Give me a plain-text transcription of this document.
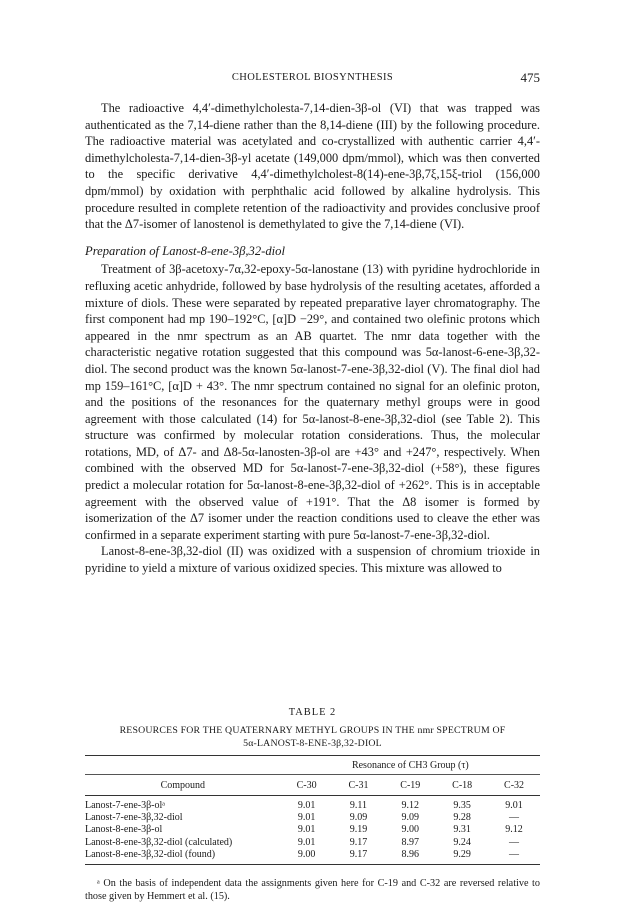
CHOLESTEROL BIOSYNTHESIS	475

The radioactive 4,4′-dimethylcholesta-7,14-dien-3β-ol (VI) that was trapped was authenticated as the 7,14-diene rather than the 8,14-diene (III) by the following procedure. The radioactive material was acetylated and co-crystallized with authentic carrier 4,4′-dimethylcholesta-7,14-dien-3β-yl acetate (149,000 dpm/mmol), which was then converted to the specific derivative 4,4′-dimethylcholest-8(14)-ene-3β,7ξ,15ξ-triol (156,000 dpm/mmol) by oxidation with perphthalic acid followed by alkaline hydrolysis. This procedure resulted in complete retention of the radioactivity and provides conclusive proof that the Δ7-isomer of lanostenol is demethylated to give the 7,14-diene (VI).

Preparation of Lanost-8-ene-3β,32-diol

Treatment of 3β-acetoxy-7α,32-epoxy-5α-lanostane (13) with pyridine hydrochloride in refluxing acetic anhydride, followed by base hydrolysis of the resulting acetates, afforded a mixture of diols. These were separated by repeated preparative layer chromatography. The first component had mp 190–192°C, [α]D −29°, and contained two olefinic protons which appeared in the nmr spectrum as an AB quartet. The nmr data together with the characteristic negative rotation suggested that this compound was 5α-lanost-6-ene-3β,32-diol. The second product was the known 5α-lanost-7-ene-3β,32-diol (V). The final diol had mp 159–161°C, [α]D + 43°. The nmr spectrum contained no signal for an olefinic proton, and the positions of the resonances for the quaternary methyl groups were in good agreement with those calculated (14) for 5α-lanost-8-ene-3β,32-diol (see Table 2). This structure was confirmed by molecular rotation considerations. Thus, the molecular rotations, MD, of Δ7- and Δ8-5α-lanosten-3β-ol are +43° and +247°, respectively. When combined with the observed MD for 5α-lanost-7-ene-3β,32-diol (+58°), these figures predict a molecular rotation for 5α-lanost-8-ene-3β,32-diol of +262°. This is in acceptable agreement with the observed value of +191°. That the Δ8 isomer is formed by isomerization of the Δ7 isomer under the reaction conditions used to cleave the ether was confirmed in a separate experiment starting with pure 5α-lanost-7-ene-3β,32-diol.

Lanost-8-ene-3β,32-diol (II) was oxidized with a suspension of chromium trioxide in pyridine to yield a mixture of various oxidized species. This mixture was allowed to

TABLE 2
RESOURCES FOR THE QUATERNARY METHYL GROUPS IN THE nmr SPECTRUM OF
5α-LANOST-8-ENE-3β,32-DIOL

	Resonance of CH3 Group (τ)				

Compound	C-30	C-31	C-19	C-18	C-32
Lanost-7-ene-3β-olᵃ	9.01	9.11	9.12	9.35	9.01
Lanost-7-ene-3β,32-diol	9.01	9.09	9.09	9.28	—
Lanost-8-ene-3β-ol	9.01	9.19	9.00	9.31	9.12
Lanost-8-ene-3β,32-diol (calculated)	9.01	9.17	8.97	9.24	—
Lanost-8-ene-3β,32-diol (found)	9.00	9.17	8.96	9.29	—
ᵃ On the basis of independent data the assignments given here for C-19 and C-32 are reversed relative to those given by Hemmert et al. (15).
